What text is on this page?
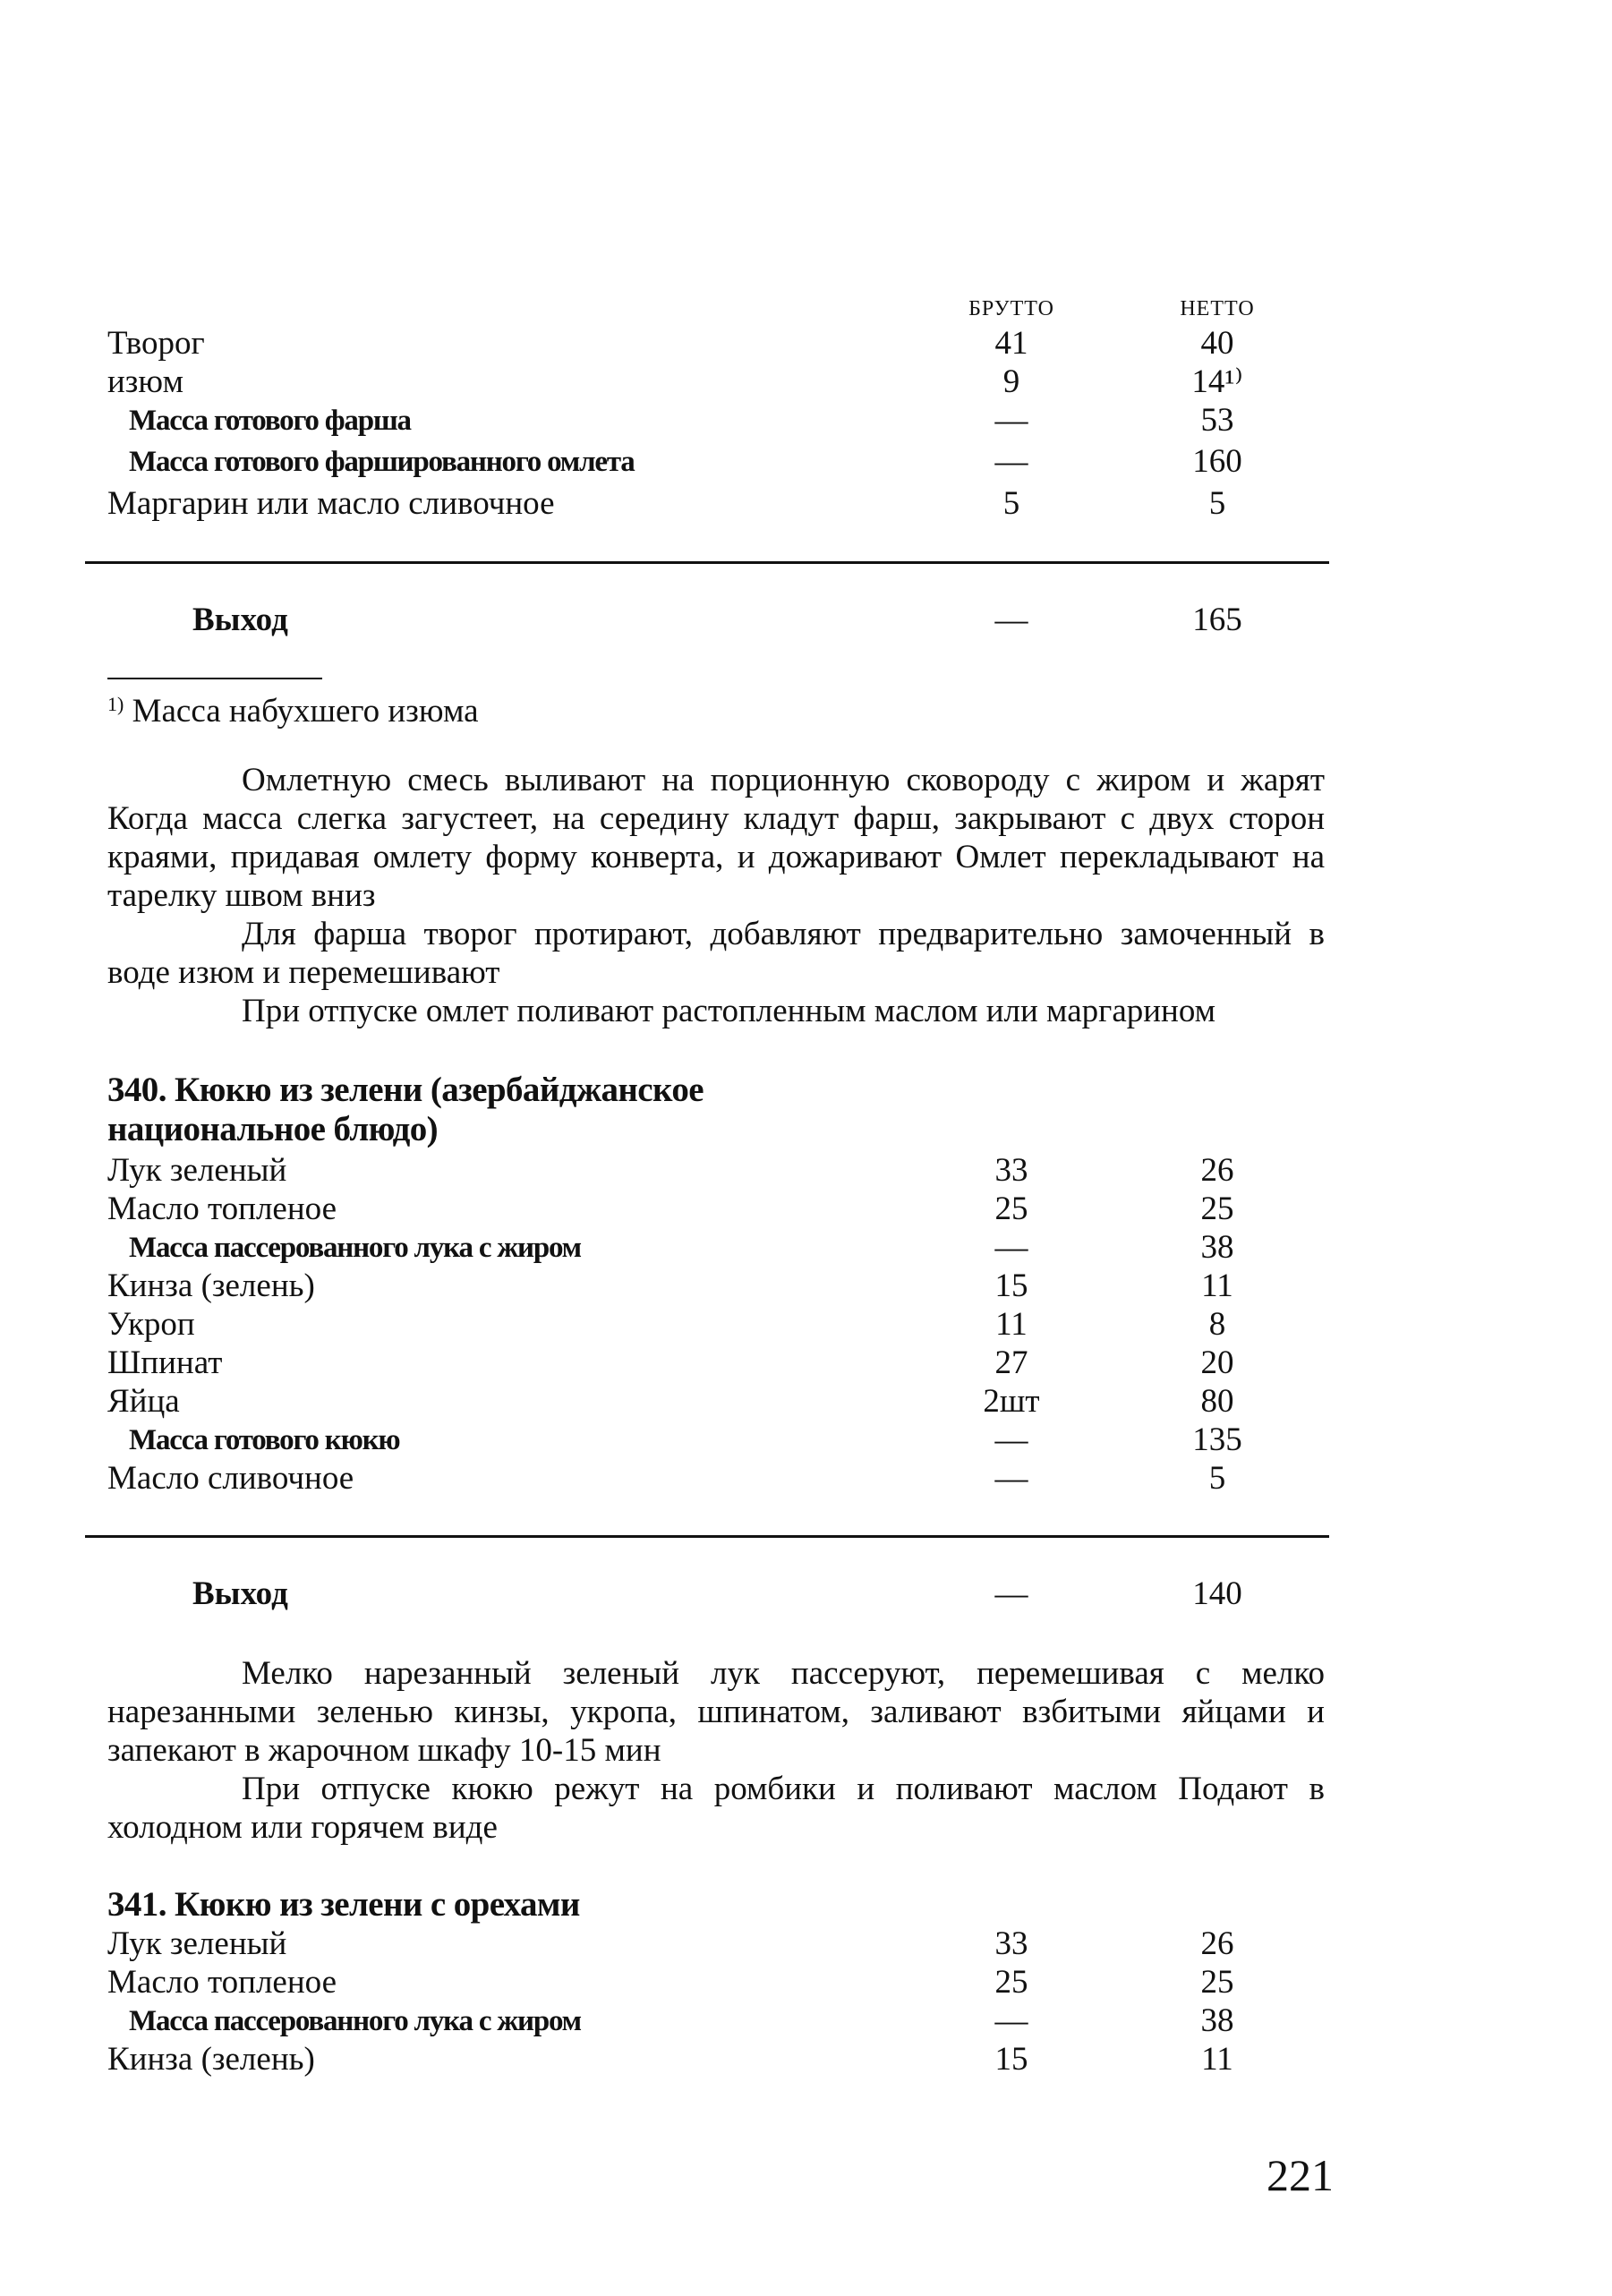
БРУТТО	НЕТТО
Творог	41	40
изюм	9	14¹⁾
Масса готового фарша	—	53
Масса готового фаршированного омлета	—	160
Маргарин или масло сливочное	5	5
Выход	—	165
$^{1)}$ Масса набухшего изюма

Омлетную смесь выливают на порционную сковороду с жиром и жарят Когда масса слегка загустеет, на середину кладут фарш, закрывают с двух сторон краями, придавая омлету форму конверта, и дожаривают Омлет перекладывают на тарелку швом вниз

Для фарша творог протирают, добавляют предварительно замоченный в воде изюм и перемешивают

При отпуске омлет поливают растопленным маслом или маргарином

340. Кюкю из зелени (азербайджанское
национальное блюдо)
Лук зеленый	33	26
Масло топленое	25	25
Масса пассерованного лука с жиром	—	38
Кинза (зелень)	15	11
Укроп	11	8
Шпинат	27	20
Яйца	2шт	80
Масса готового кюкю	—	135
Масло сливочное	—	5
Выход	—	140

Мелко нарезанный зеленый лук пассеруют, перемешивая с мелко нарезанными зеленью кинзы, укропа, шпинатом, заливают взбитыми яйцами и запекают в жарочном шкафу 10-15 мин

При отпуске кюкю режут на ромбики и поливают маслом Подают в холодном или горячем виде

341. Кюкю из зелени с орехами
Лук зеленый	33	26
Масло топленое	25	25
Масса пассерованного лука с жиром	—	38
Кинза (зелень)	15	11
221
